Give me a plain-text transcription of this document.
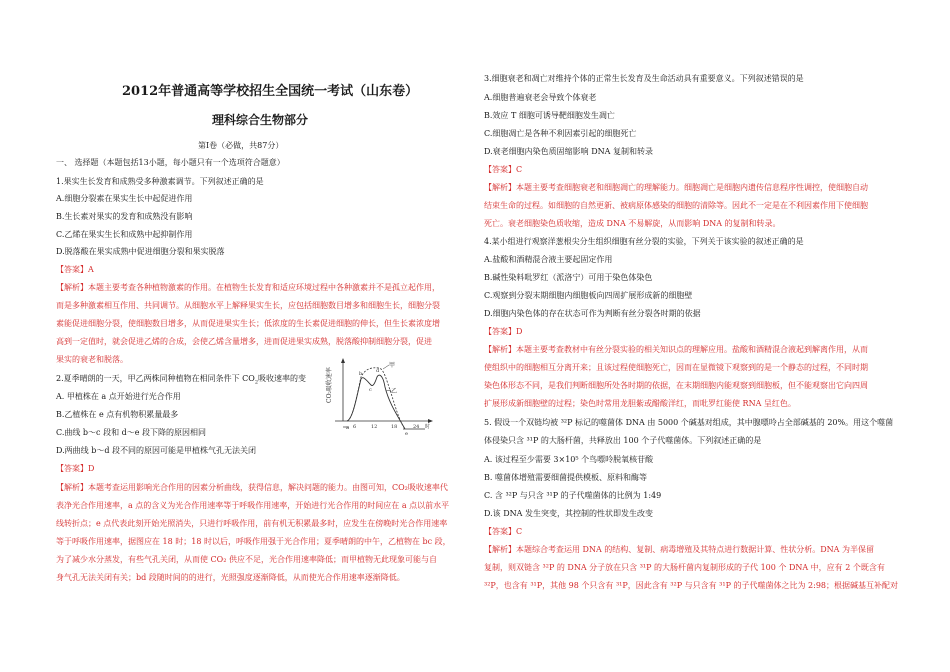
2012年普通高等学校招生全国统一考试（山东卷）
理科综合生物部分
第Ⅰ卷（必做，共87分）
一、 选择题（本题包括13小题，每小题只有一个选项符合题意）
1.果实生长发育和成熟受多种激素调节。下列叙述正确的是
A.细胞分裂素在果实生长中起促进作用
B.生长素对果实的发育和成熟没有影响
C.乙烯在果实生长和成熟中起抑制作用
D.脱落酸在果实成熟中促进细胞分裂和果实脱落
【答案】A
【解析】本题主要考查各种植物激素的作用。在植物生长发育和适应环境过程中各种激素并不是孤立起作用，
而是多种激素相互作用、共同调节。从细胞水平上解释果实生长，应包括细胞数目增多和细胞生长，细胞分裂
素能促进细胞分裂，使细胞数目增多，从而促进果实生长；低浓度的生长素促进细胞的伸长，但生长素浓度增
高到一定值时，就会促进乙烯的合成，会使乙烯含量增多，进而促进果实成熟，脱落酸抑制细胞分裂，促进
果实的衰老和脱落。
2.夏季晴朗的一天，甲乙两株同种植物在相同条件下 $CO_2$吸收速率的变
A. 甲植株在 a 点开始进行光合作用
B.乙植株在 e 点有机物积累量最多
C.曲线 b～c 段和 d～e 段下降的原因相同
D.两曲线 b～d 段不同的原因可能是甲植株气孔无法关闭
【答案】D
【解析】本题考查运用影响光合作用的因素分析曲线，获得信息，解决问题的能力。由图可知，CO₂吸收速率代
表净光合作用速率，a 点的含义为光合作用速率等于呼吸作用速率，开始进行光合作用的时间应在 a 点以前水平
线转折点；e 点代表此刻开始光照消失，只进行呼吸作用，前有机无积累最多时，应发生在傍晚时光合作用速率
等于呼吸作用速率，据图应在 18 时；18 时以后，呼吸作用强于光合作用；夏季晴朗的中午，乙植物在 bc 段，
为了减少水分蒸发，有些气孔关闭，从而使 CO₂ 供应不足，光合作用速率降低；而甲植物无此现象可能与自
身气孔无法关闭有关；bd 段随时间的的进行，光照强度逐渐降低，从而使光合作用速率逐渐降低。
CO₂吸收速率
甲
乙
a
b
c
d
e
6	12	18	24 时
3.细胞衰老和凋亡对维持个体的正常生长发育及生命活动具有重要意义。下列叙述错误的是
A.细胞普遍衰老会导致个体衰老
B.效应 T 细胞可诱导靶细胞发生凋亡
C.细胞凋亡是各种不利因素引起的细胞死亡
D.衰老细胞内染色质固缩影响 DNA 复制和转录
【答案】C
【解析】本题主要考查细胞衰老和细胞凋亡的理解能力。细胞凋亡是细胞内遗传信息程序性调控，使细胞自动
结束生命的过程。如细胞的自然更新、被病原体感染的细胞的清除等。因此不一定是在不利因素作用下使细胞
死亡。衰老细胞染色质收缩，造成 DNA 不易解旋，从而影响 DNA 的复制和转录。
4.某小组进行观察洋葱根尖分生组织细胞有丝分裂的实验，下列关于该实验的叙述正确的是
A.盐酸和酒精混合液主要起固定作用
B.碱性染料吡罗红（派洛宁）可用于染色体染色
C.观察到分裂末期细胞内细胞板向四周扩展形成新的细胞壁
D.细胞内染色体的存在状态可作为判断有丝分裂各时期的依据
【答案】D
【解析】本题主要考查教材中有丝分裂实验的相关知识点的理解应用。盐酸和酒精混合液起到解离作用，从而
使组织中的细胞相互分离开来；且该过程使细胞死亡，因而在显微镜下观察到的是一个静态的过程，不同时期
染色体形态不同，是我们判断细胞所处各时期的依据，在末期细胞内能观察到细胞板，但不能观察出它向四周
扩展形成新细胞壁的过程；染色时常用龙胆紫或醋酸洋红，而吡罗红能使 RNA 呈红色。
5. 假设一个双链均被 ³²P 标记的噬菌体 DNA 由 5000 个碱基对组成，其中腺嘌呤占全部碱基的 20%。用这个噬菌
体侵染只含 ³¹P 的大肠杆菌，共释放出 100 个子代噬菌体。下列叙述正确的是
A. 该过程至少需要 3×10⁵ 个鸟嘌呤脱氧核苷酸
B. 噬菌体增殖需要细菌提供模板、原料和酶等
C. 含 ³²P 与只含 ³¹P 的子代噬菌体的比例为 1:49
D.该 DNA 发生突变，其控制的性状即发生改变
【答案】C
【解析】本题综合考查运用 DNA 的结构、复制、病毒增殖及其特点进行数据计算、性状分析。DNA 为半保留
复制，则双链含 ³²P 的 DNA 分子放在只含 ³¹P 的大肠杆菌内复制形成的子代 100 个 DNA 中，应有 2 个既含有
³²P，也含有 ³¹P，其他 98 个只含有 ³¹P，因此含有 ³²P 与只含有 ³¹P 的子代噬菌体之比为 2:98；根据碱基互补配对
